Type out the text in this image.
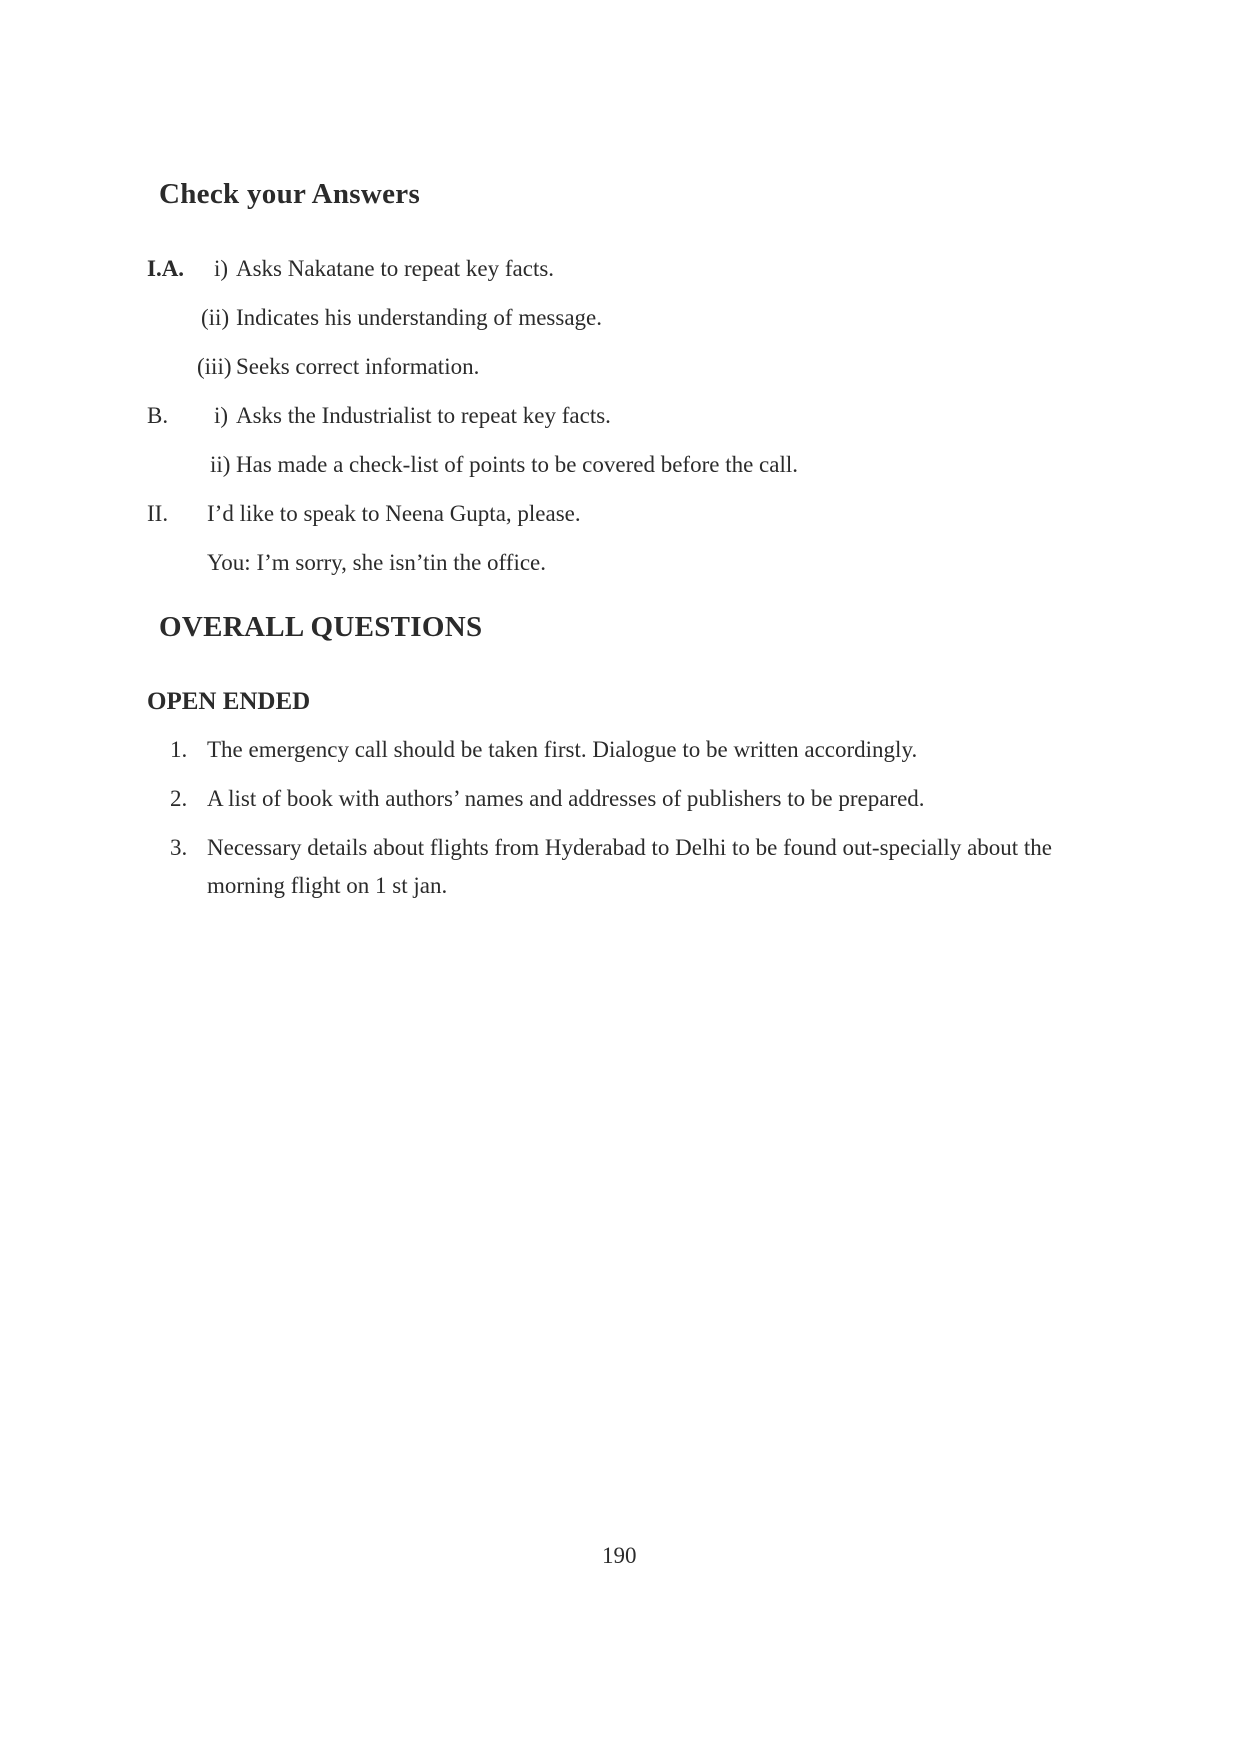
Check your Answers
I.A. i) Asks Nakatane to repeat key facts.
(ii) Indicates his understanding of message.
(iii) Seeks correct information.
B. i) Asks the Industrialist to repeat key facts.
ii) Has made a check-list of points to be covered before the call.
II. I’d like to speak to Neena Gupta, please.
You: I’m sorry, she isn’tin the office.
OVERALL QUESTIONS
OPEN ENDED
1. The emergency call should be taken first. Dialogue to be written accordingly.
2. A list of book with authors’ names and addresses of publishers to be prepared.
3. Necessary details about flights from Hyderabad to Delhi to be found out-specially about the
morning flight on 1 st jan.
190
